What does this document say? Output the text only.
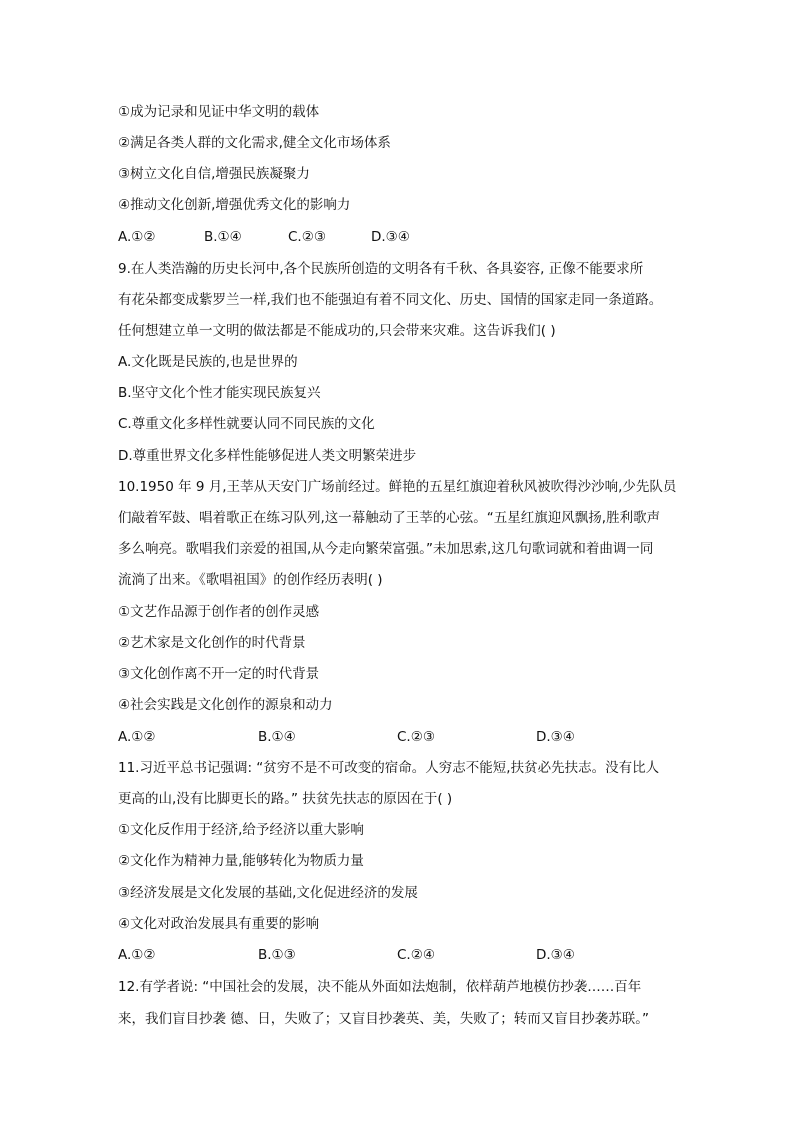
①成为记录和见证中华文明的载体
②满足各类人群的文化需求,健全文化市场体系
③树立文化自信,增强民族凝聚力
④推动文化创新,增强优秀文化的影响力
A.①②	B.①④	C.②③	D.③④
9.在人类浩瀚的历史长河中,各个民族所创造的文明各有千秋、各具姿容, 正像不能要求所
有花朵都变成紫罗兰一样,我们也不能强迫有着不同文化、历史、国情的国家走同一条道路。
任何想建立单一文明的做法都是不能成功的,只会带来灾难。这告诉我们( )
A.文化既是民族的,也是世界的
B.坚守文化个性才能实现民族复兴
C.尊重文化多样性就要认同不同民族的文化
D.尊重世界文化多样性能够促进人类文明繁荣进步
10.1950 年 9 月,王莘从天安门广场前经过。鲜艳的五星红旗迎着秋风被吹得沙沙响,少先队员
们敲着军鼓、唱着歌正在练习队列,这一幕触动了王莘的心弦。“五星红旗迎风飘扬,胜利歌声
多么响亮。歌唱我们亲爱的祖国,从今走向繁荣富强。”未加思索,这几句歌词就和着曲调一同
流淌了出来。《歌唱祖国》的创作经历表明( )
①文艺作品源于创作者的创作灵感
②艺术家是文化创作的时代背景
③文化创作离不开一定的时代背景
④社会实践是文化创作的源泉和动力
A.①②	B.①④	C.②③	D.③④
11.习近平总书记强调: “贫穷不是不可改变的宿命。人穷志不能短,扶贫必先扶志。没有比人
更高的山,没有比脚更长的路。” 扶贫先扶志的原因在于( )
①文化反作用于经济,给予经济以重大影响
②文化作为精神力量,能够转化为物质力量
③经济发展是文化发展的基础,文化促进经济的发展
④文化对政治发展具有重要的影响
A.①②	B.①③	C.②④	D.③④
12.有学者说: “中国社会的发展，决不能从外面如法炮制，依样葫芦地模仿抄袭……百年
来，我们盲目抄袭 德、日，失败了；又盲目抄袭英、美，失败了；转而又盲目抄袭苏联。”
